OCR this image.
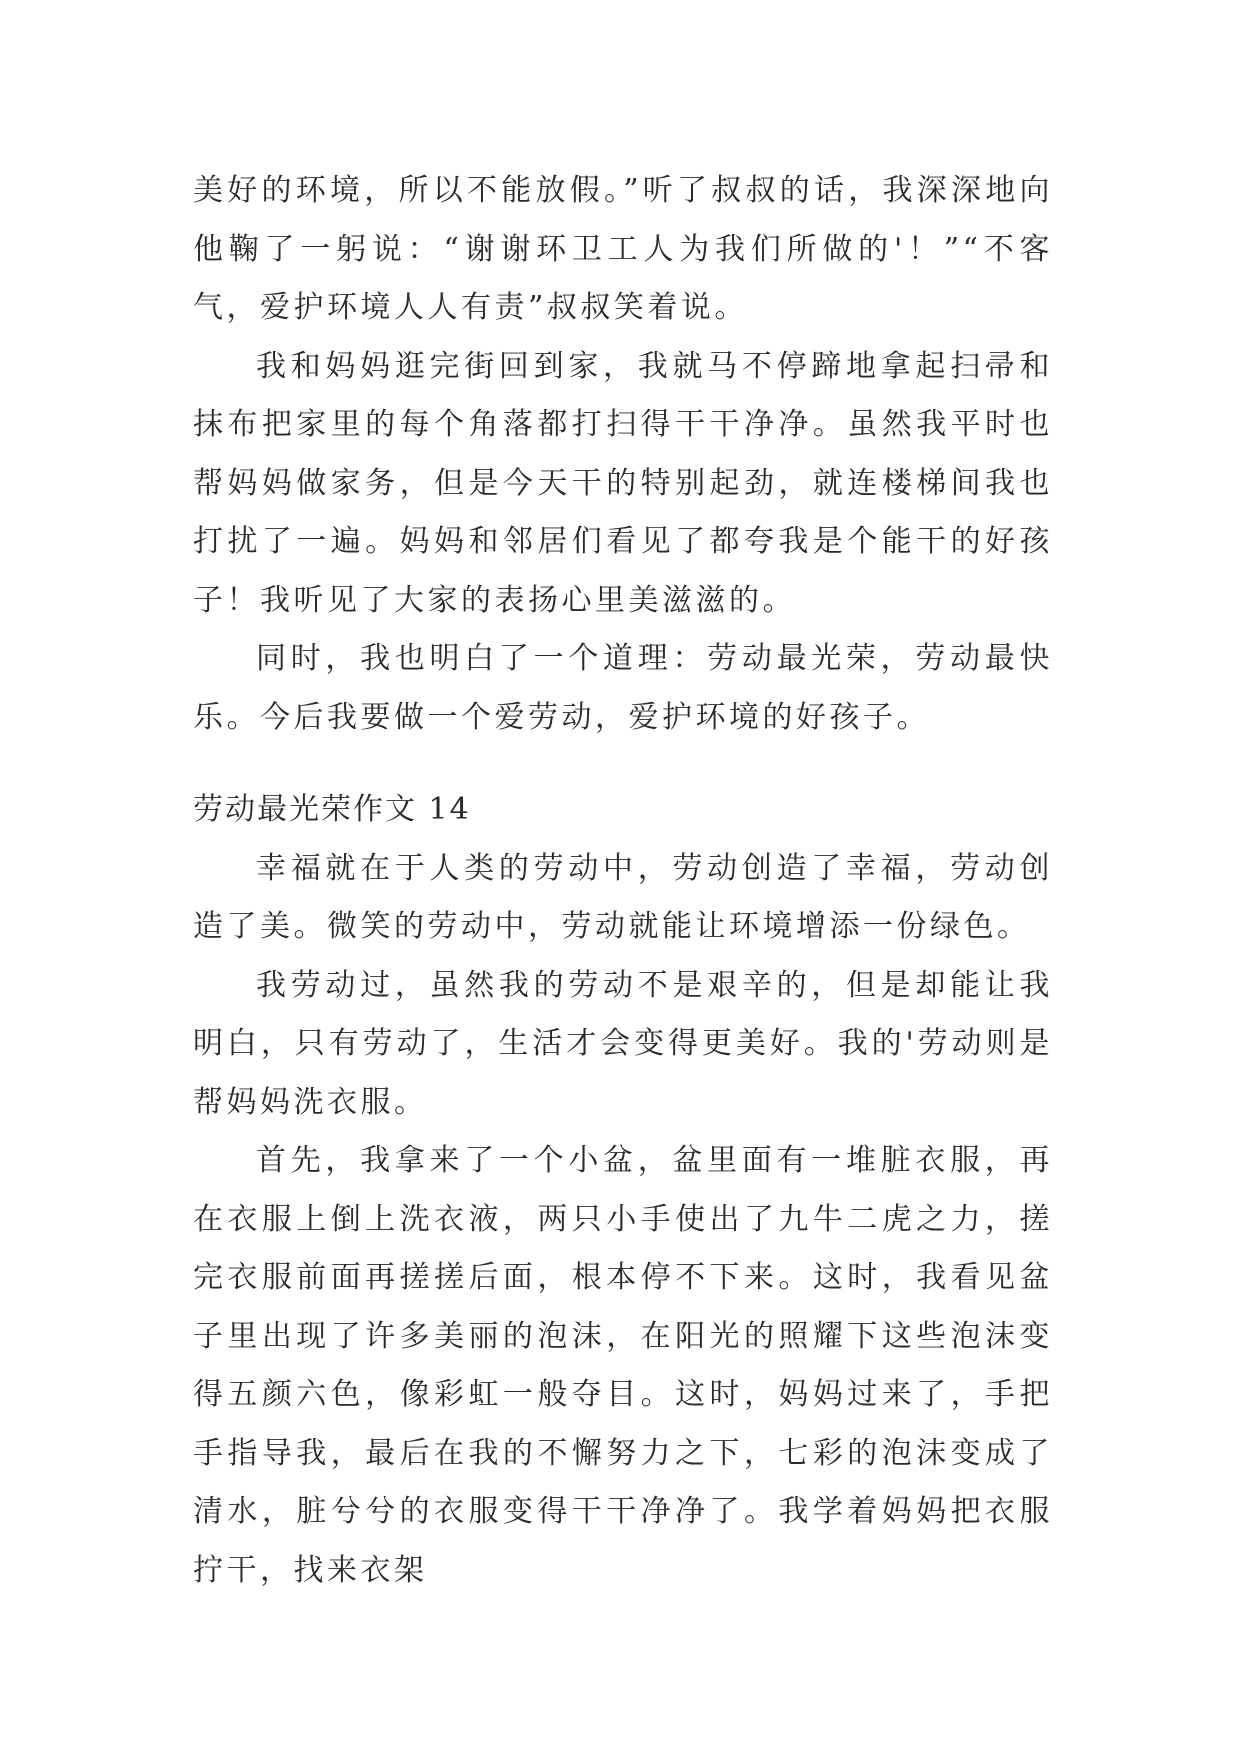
美好的环境，所以不能放假。”听了叔叔的话，我深深地向他鞠了一躬说：“谢谢环卫工人为我们所做的'！”“不客气，爱护环境人人有责”叔叔笑着说。

我和妈妈逛完街回到家，我就马不停蹄地拿起扫帚和抹布把家里的每个角落都打扫得干干净净。虽然我平时也帮妈妈做家务，但是今天干的特别起劲，就连楼梯间我也打扰了一遍。妈妈和邻居们看见了都夸我是个能干的好孩子！我听见了大家的表扬心里美滋滋的。

同时，我也明白了一个道理：劳动最光荣，劳动最快乐。今后我要做一个爱劳动，爱护环境的好孩子。

劳动最光荣作文 14

幸福就在于人类的劳动中，劳动创造了幸福，劳动创造了美。微笑的劳动中，劳动就能让环境增添一份绿色。

我劳动过，虽然我的劳动不是艰辛的，但是却能让我明白，只有劳动了，生活才会变得更美好。我的'劳动则是帮妈妈洗衣服。

首先，我拿来了一个小盆，盆里面有一堆脏衣服，再在衣服上倒上洗衣液，两只小手使出了九牛二虎之力，搓完衣服前面再搓搓后面，根本停不下来。这时，我看见盆子里出现了许多美丽的泡沫，在阳光的照耀下这些泡沫变得五颜六色，像彩虹一般夺目。这时，妈妈过来了，手把手指导我，最后在我的不懈努力之下，七彩的泡沫变成了清水，脏兮兮的衣服变得干干净净了。我学着妈妈把衣服拧干，找来衣架
